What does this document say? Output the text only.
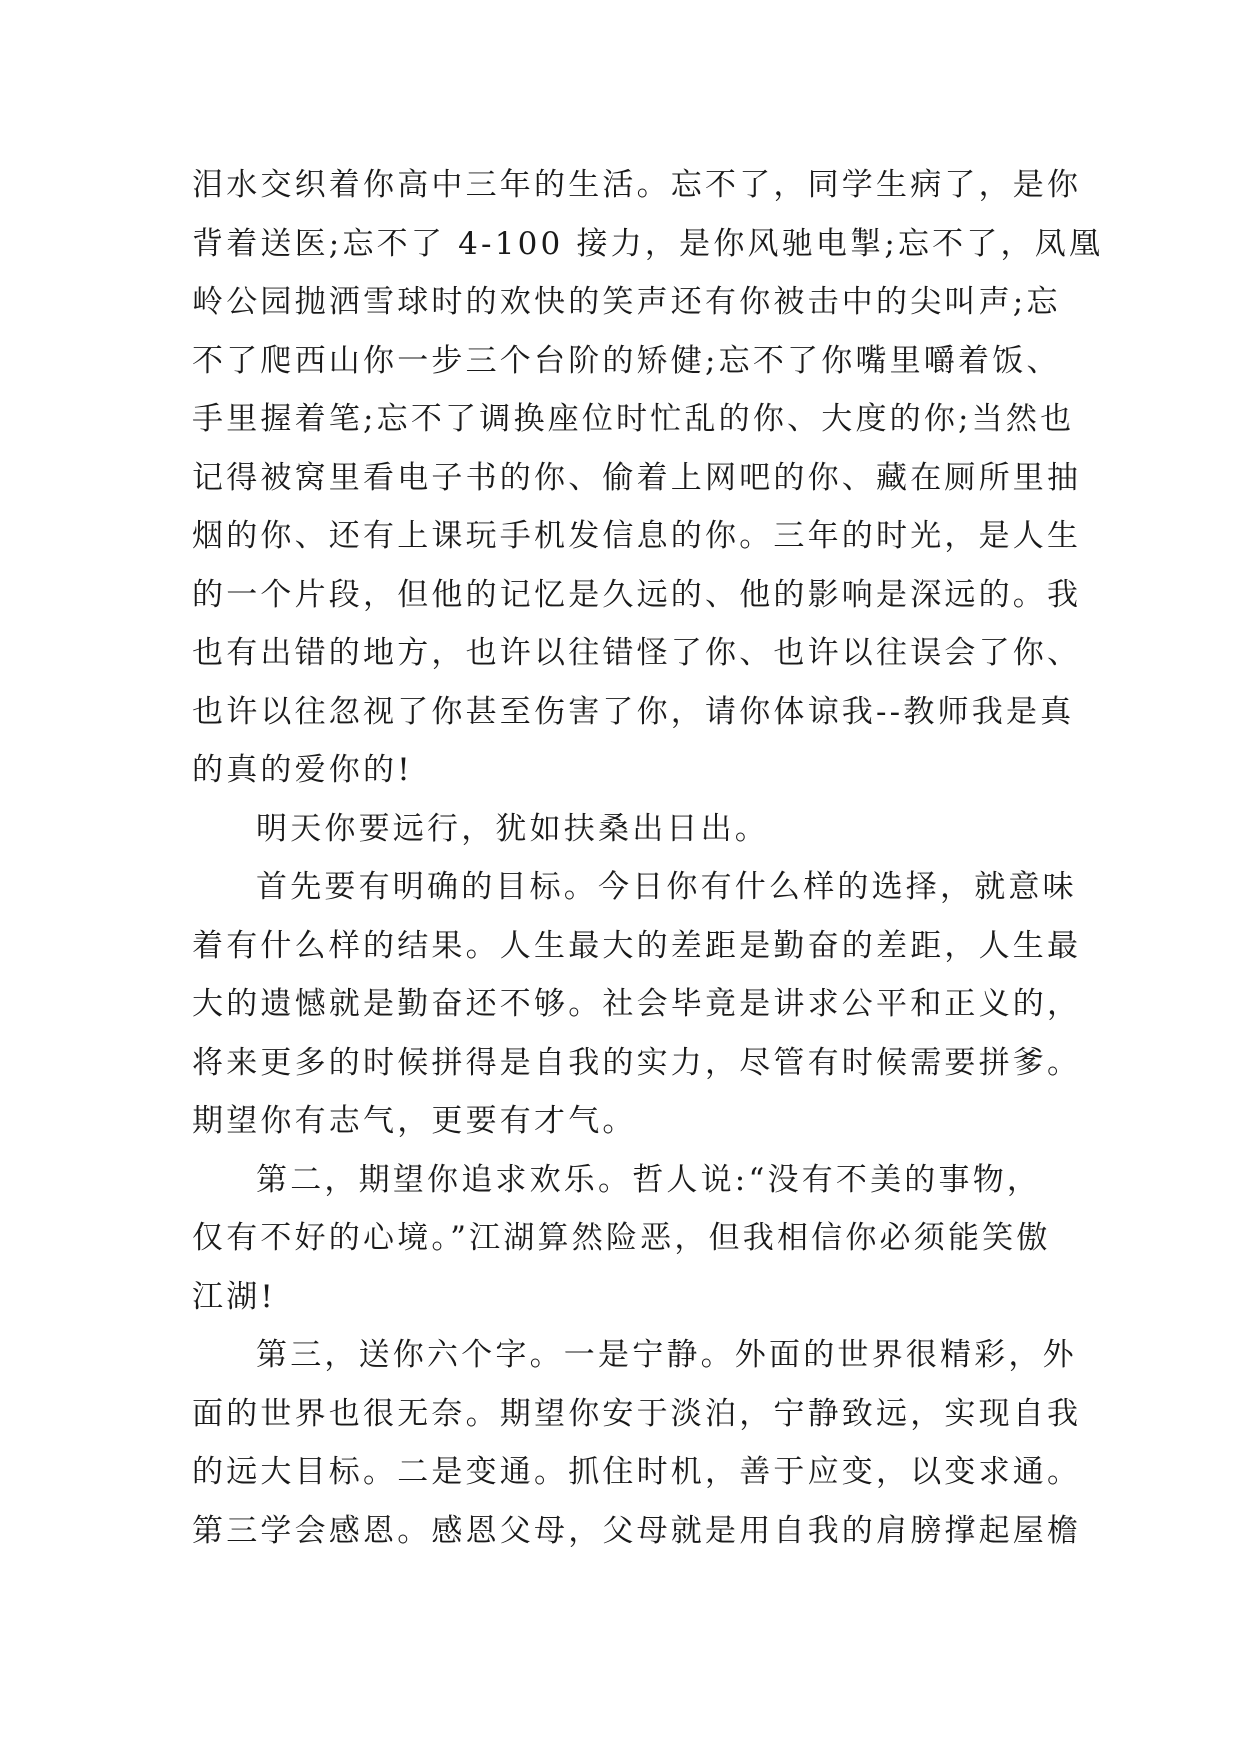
泪水交织着你高中三年的生活。忘不了，同学生病了，是你
背着送医;忘不了 4-100 接力，是你风驰电掣;忘不了，凤凰
岭公园抛洒雪球时的欢快的笑声还有你被击中的尖叫声;忘
不了爬西山你一步三个台阶的矫健;忘不了你嘴里嚼着饭、
手里握着笔;忘不了调换座位时忙乱的你、大度的你;当然也
记得被窝里看电子书的你、偷着上网吧的你、藏在厕所里抽
烟的你、还有上课玩手机发信息的你。三年的时光，是人生
的一个片段，但他的记忆是久远的、他的影响是深远的。我
也有出错的地方，也许以往错怪了你、也许以往误会了你、
也许以往忽视了你甚至伤害了你，请你体谅我--教师我是真
的真的爱你的!
明天你要远行，犹如扶桑出日出。
首先要有明确的目标。今日你有什么样的选择，就意味
着有什么样的结果。人生最大的差距是勤奋的差距，人生最
大的遗憾就是勤奋还不够。社会毕竟是讲求公平和正义的，
将来更多的时候拼得是自我的实力，尽管有时候需要拼爹。
期望你有志气，更要有才气。
第二，期望你追求欢乐。哲人说:“没有不美的事物，
仅有不好的心境。”江湖算然险恶，但我相信你必须能笑傲
江湖!
第三，送你六个字。一是宁静。外面的世界很精彩，外
面的世界也很无奈。期望你安于淡泊，宁静致远，实现自我
的远大目标。二是变通。抓住时机，善于应变，以变求通。
第三学会感恩。感恩父母，父母就是用自我的肩膀撑起屋檐
